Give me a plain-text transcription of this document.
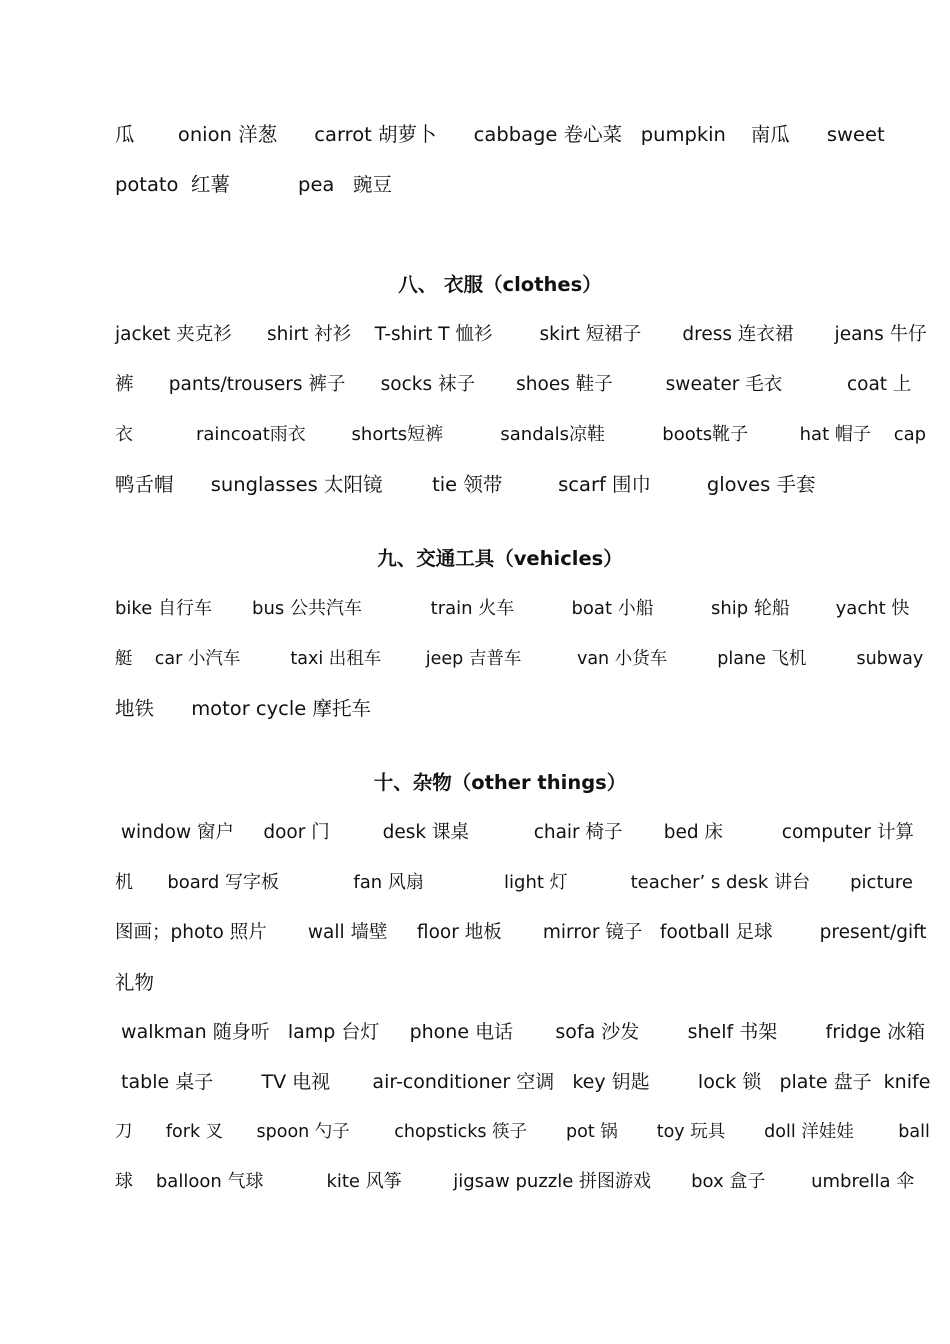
瓜       onion 洋葱      carrot 胡萝卜      cabbage 卷心菜   pumpkin    南瓜      sweet
potato  红薯           pea   豌豆
八、 衣服（clothes）
jacket 夹克衫      shirt 衬衫    T-shirt T 恤衫        skirt 短裙子       dress 连衣裙       jeans 牛仔
裤      pants/trousers 裤子      socks 袜子       shoes 鞋子         sweater 毛衣           coat 上
衣           raincoat雨衣        shorts短裤          sandals凉鞋          boots靴子         hat 帽子    cap
鸭舌帽      sunglasses 太阳镜        tie 领带         scarf 围巾         gloves 手套
九、交通工具（vehicles）
bike 自行车       bus 公共汽车            train 火车          boat 小船          ship 轮船        yacht 快
艇    car 小汽车         taxi 出租车        jeep 吉普车          van 小货车         plane 飞机         subway
地铁      motor cycle 摩托车
十、杂物（other things）
window 窗户     door 门         desk 课桌           chair 椅子       bed 床          computer 计算
机      board 写字板             fan 风扇              light 灯           teacher’ s desk 讲台       picture
图画；photo 照片       wall 墙壁     floor 地板       mirror 镜子   football 足球        present/gift
礼物
walkman 随身听   lamp 台灯     phone 电话       sofa 沙发        shelf 书架        fridge 冰箱
table 桌子        TV 电视       air-conditioner 空调   key 钥匙        lock 锁   plate 盘子  knife
刀      fork 叉      spoon 勺子        chopsticks 筷子       pot 锅       toy 玩具       doll 洋娃娃        ball
球    balloon 气球           kite 风筝         jigsaw puzzle 拼图游戏       box 盒子        umbrella 伞
